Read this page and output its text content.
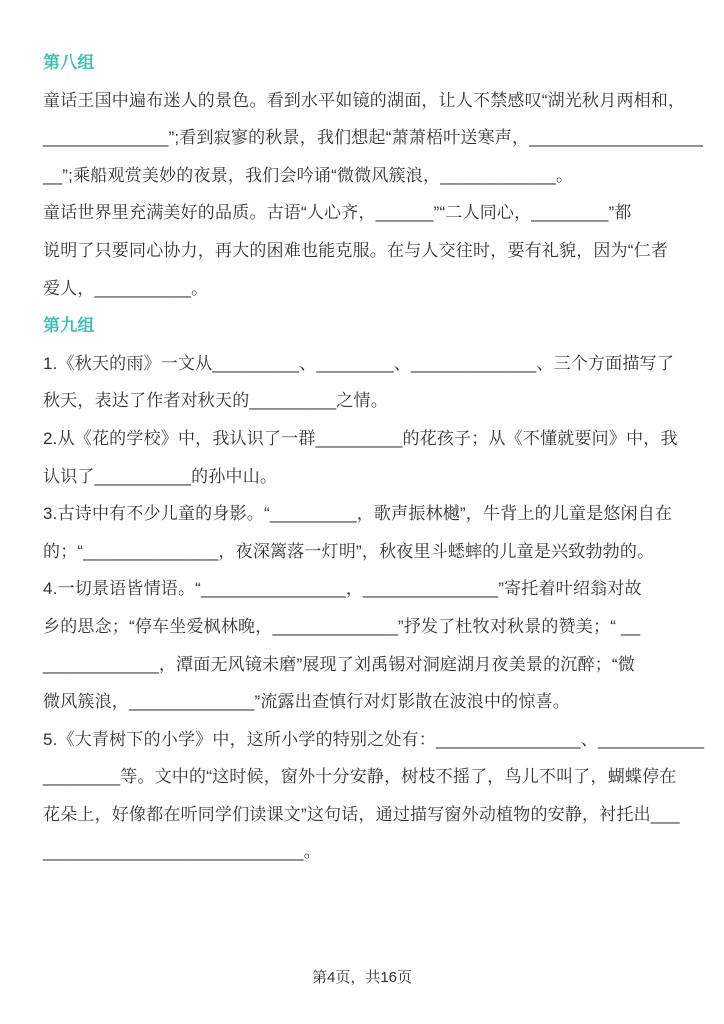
第八组
童话王国中遍布迷人的景色。看到水平如镜的湖面，让人不禁感叹“湖光秋月两相和，
_____________”;看到寂寥的秋景，我们想起“萧萧梧叶送寒声，__________________
__”;乘船观赏美妙的夜景，我们会吟诵“微微风簇浪，____________。
童话世界里充满美好的品质。古语“人心齐，______”“二人同心，________”都
说明了只要同心协力，再大的困难也能克服。在与人交往时，要有礼貌，因为“仁者
爱人，__________。
第九组
1.《秋天的雨》一文从_________、________、_____________、三个方面描写了
秋天，表达了作者对秋天的_________之情。
2.从《花的学校》中，我认识了一群_________的花孩子；从《不懂就要问》中，我
认识了__________的孙中山。
3.古诗中有不少儿童的身影。“_________，歌声振林樾”，牛背上的儿童是悠闲自在
的；“______________，夜深篱落一灯明”，秋夜里斗蟋蟀的儿童是兴致勃勃的。
4.一切景语皆情语。“_______________，______________”寄托着叶绍翁对故
乡的思念；“停车坐爱枫林晚，_____________”抒发了杜牧对秋景的赞美；“ __
____________，潭面无风镜未磨”展现了刘禹锡对洞庭湖月夜美景的沉醉；“微
微风簇浪，_____________”流露出查慎行对灯影散在波浪中的惊喜。
5.《大青树下的小学》中，这所小学的特别之处有：_______________、___________
________等。文中的“这时候，窗外十分安静，树枝不摇了，鸟儿不叫了，蝴蝶停在
花朵上，好像都在听同学们读课文”这句话，通过描写窗外动植物的安静，衬托出___
___________________________。
第4页，共16页
